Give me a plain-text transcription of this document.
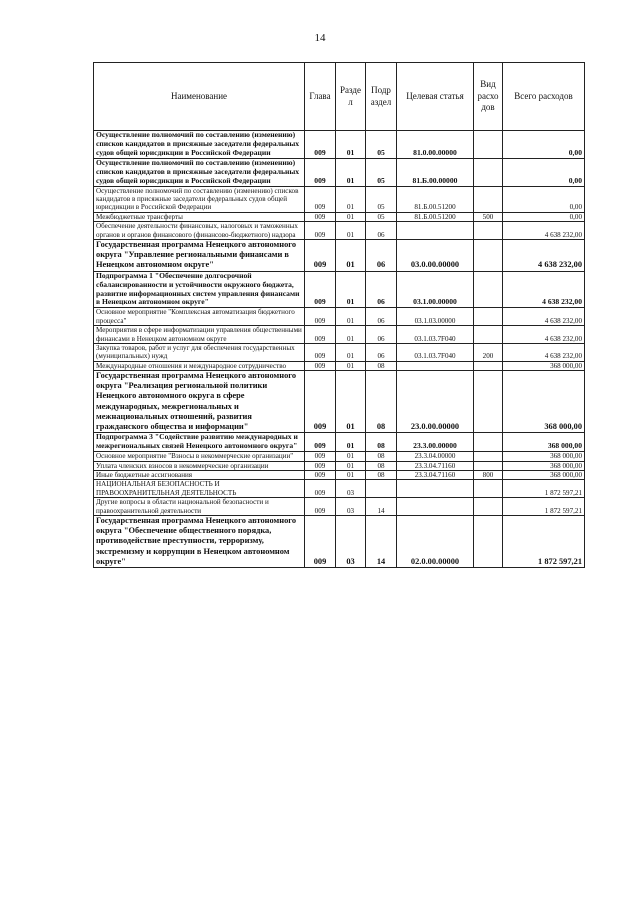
14
Наименование	Глава	Разде л	Подр аздел	Целевая статья	Вид расхо дов	Всего расходов
Осуществление полномочий по составлению (изменению) списков кандидатов в присяжные заседатели федеральных судов общей юрисдикции в Российской Федерации	009	01	05	81.0.00.00000		0,00
Осуществление полномочий по составлению (изменению) списков кандидатов в присяжные заседатели федеральных судов общей юрисдикции в Российской Федерации	009	01	05	81.Б.00.00000		0,00
Осуществление полномочий по составлению (изменению) списков кандидатов в присяжные заседатели федеральных судов общей юрисдикции в Российской Федерации	009	01	05	81.Б.00.51200		0,00
Межбюджетные трансферты	009	01	05	81.Б.00.51200	500	0,00
Обеспечение деятельности финансовых, налоговых и таможенных органов и органов финансового (финансово-бюджетного) надзора	009	01	06			4 638 232,00
Государственная программа Ненецкого автономного округа "Управление региональными финансами в Ненецком автономном округе"	009	01	06	03.0.00.00000		4 638 232,00
Подпрограмма 1 "Обеспечение долгосрочной сбалансированности и устойчивости окружного бюджета, развитие информационных систем управления финансами в Ненецком автономном округе"	009	01	06	03.1.00.00000		4 638 232,00
Основное мероприятие "Комплексная автоматизация бюджетного процесса"	009	01	06	03.1.03.00000		4 638 232,00
Мероприятия в сфере информатизации управления общественными финансами в Ненецком автономном округе	009	01	06	03.1.03.7F040		4 638 232,00
Закупка товаров, работ и услуг для обеспечения государственных (муниципальных) нужд	009	01	06	03.1.03.7F040	200	4 638 232,00
Международные отношения и международное сотрудничество	009	01	08			368 000,00
Государственная программа Ненецкого автономного округа "Реализация региональной политики Ненецкого автономного округа в сфере международных, межрегиональных и межнациональных отношений, развития гражданского общества и информации"	009	01	08	23.0.00.00000		368 000,00
Подпрограмма 3 "Содействие развитию международных и межрегиональных связей Ненецкого автономного округа"	009	01	08	23.3.00.00000		368 000,00
Основное мероприятие "Взносы в некоммерческие организации"	009	01	08	23.3.04.00000		368 000,00
Уплата членских взносов в некоммерческие организации	009	01	08	23.3.04.71160		368 000,00
Иные бюджетные ассигнования	009	01	08	23.3.04.71160	800	368 000,00
НАЦИОНАЛЬНАЯ БЕЗОПАСНОСТЬ И ПРАВООХРАНИТЕЛЬНАЯ ДЕЯТЕЛЬНОСТЬ	009	03				1 872 597,21
Другие вопросы в области национальной безопасности и правоохранительной деятельности	009	03	14			1 872 597,21
Государственная программа Ненецкого автономного округа "Обеспечение общественного порядка, противодействие преступности, терроризму, экстремизму и коррупции в Ненецком автономном округе"	009	03	14	02.0.00.00000		1 872 597,21
